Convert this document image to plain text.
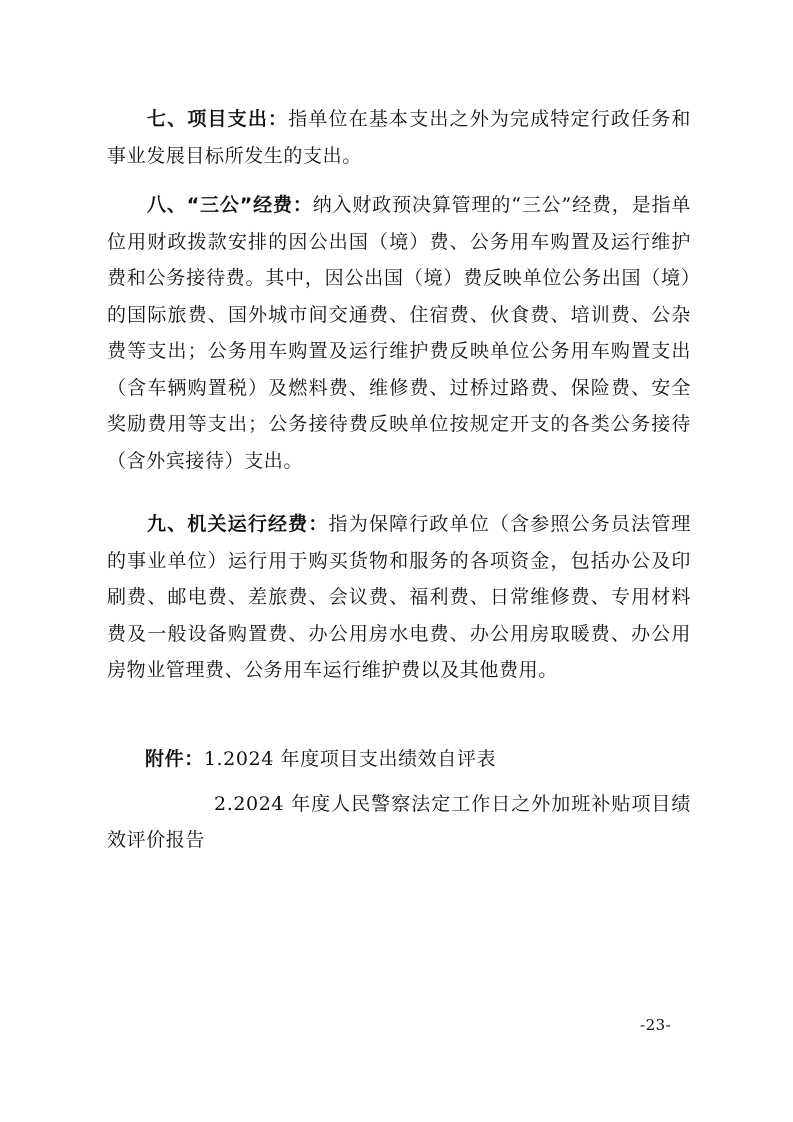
七、项目支出：指单位在基本支出之外为完成特定行政任务和事业发展目标所发生的支出。

八、“三公”经费：纳入财政预决算管理的“三公”经费，是指单位用财政拨款安排的因公出国（境）费、公务用车购置及运行维护费和公务接待费。其中，因公出国（境）费反映单位公务出国（境）的国际旅费、国外城市间交通费、住宿费、伙食费、培训费、公杂费等支出；公务用车购置及运行维护费反映单位公务用车购置支出（含车辆购置税）及燃料费、维修费、过桥过路费、保险费、安全奖励费用等支出；公务接待费反映单位按规定开支的各类公务接待（含外宾接待）支出。

九、机关运行经费：指为保障行政单位（含参照公务员法管理的事业单位）运行用于购买货物和服务的各项资金，包括办公及印刷费、邮电费、差旅费、会议费、福利费、日常维修费、专用材料费及一般设备购置费、办公用房水电费、办公用房取暖费、办公用房物业管理费、公务用车运行维护费以及其他费用。

附件：1.2024 年度项目支出绩效自评表

2.2024 年度人民警察法定工作日之外加班补贴项目绩效评价报告

-23-
